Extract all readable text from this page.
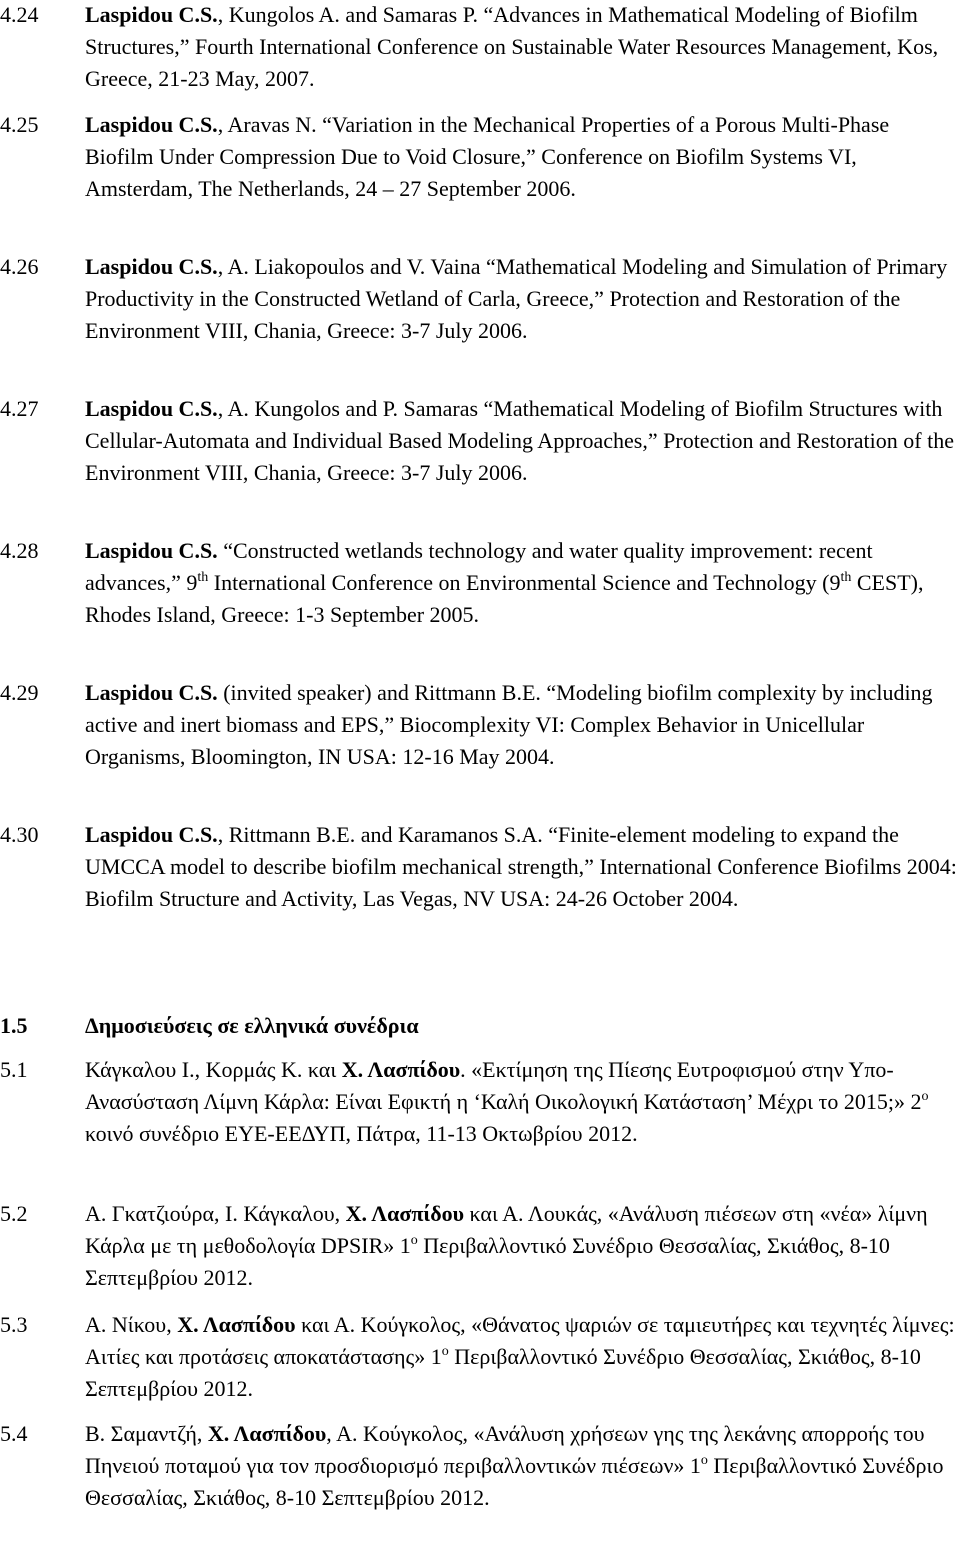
4.24 Laspidou C.S., Kungolos A. and Samaras P. “Advances in Mathematical Modeling of Biofilm Structures,” Fourth International Conference on Sustainable Water Resources Management, Kos, Greece, 21-23 May, 2007.
4.25 Laspidou C.S., Aravas N. “Variation in the Mechanical Properties of a Porous Multi-Phase Biofilm Under Compression Due to Void Closure,” Conference on Biofilm Systems VI, Amsterdam, The Netherlands, 24 – 27 September 2006.
4.26 Laspidou C.S., A. Liakopoulos and V. Vaina “Mathematical Modeling and Simulation of Primary Productivity in the Constructed Wetland of Carla, Greece,” Protection and Restoration of the Environment VIII, Chania, Greece: 3-7 July 2006.
4.27 Laspidou C.S., A. Kungolos and P. Samaras “Mathematical Modeling of Biofilm Structures with Cellular-Automata and Individual Based Modeling Approaches,” Protection and Restoration of the Environment VIII, Chania, Greece: 3-7 July 2006.
4.28 Laspidou C.S. “Constructed wetlands technology and water quality improvement: recent advances,” 9th International Conference on Environmental Science and Technology (9th CEST), Rhodes Island, Greece: 1-3 September 2005.
4.29 Laspidou C.S. (invited speaker) and Rittmann B.E. “Modeling biofilm complexity by including active and inert biomass and EPS,” Biocomplexity VI: Complex Behavior in Unicellular Organisms, Bloomington, IN USA: 12-16 May 2004.
4.30 Laspidou C.S., Rittmann B.E. and Karamanos S.A. “Finite-element modeling to expand the UMCCA model to describe biofilm mechanical strength,” International Conference Biofilms 2004: Biofilm Structure and Activity, Las Vegas, NV USA: 24-26 October 2004.
1.5	Δημοσιεύσεις σε ελληνικά συνέδρια
5.1	Κάγκαλου Ι., Κορμάς Κ. και Χ. Λασπίδου. «Εκτίμηση της Πίεσης Ευτροφισμού στην Υπο-Ανασύσταση Λίμνη Κάρλα: Είναι Εφικτή η ‘Καλή Οικολογική Κατάσταση’ Μέχρι το 2015;» $2^o$ κοινό συνέδριο ΕΥΕ-ΕΕΔΥΠ, Πάτρα, 11-13 Οκτωβρίου 2012.
5.2	Α. Γκατζιούρα, Ι. Κάγκαλου, Χ. Λασπίδου και Α. Λουκάς, «Ανάλυση πιέσεων στη «νέα» λίμνη Κάρλα με τη μεθοδολογία DPSIR» $1^o$ Περιβαλλοντικό Συνέδριο Θεσσαλίας, Σκιάθος, 8-10 Σεπτεμβρίου 2012.
5.3	Α. Νίκου, Χ. Λασπίδου και Α. Κούγκολος, «Θάνατος ψαριών σε ταμιευτήρες και τεχνητές λίμνες: Αιτίες και προτάσεις αποκατάστασης» $1^o$ Περιβαλλοντικό Συνέδριο Θεσσαλίας, Σκιάθος, 8-10 Σεπτεμβρίου 2012.
5.4	Β. Σαμαντζή, Χ. Λασπίδου, Α. Κούγκολος, «Ανάλυση χρήσεων γης της λεκάνης απορροής του Πηνειού ποταμού για τον προσδιορισμό περιβαλλοντικών πιέσεων» $1^o$ Περιβαλλοντικό Συνέδριο Θεσσαλίας, Σκιάθος, 8-10 Σεπτεμβρίου 2012.
